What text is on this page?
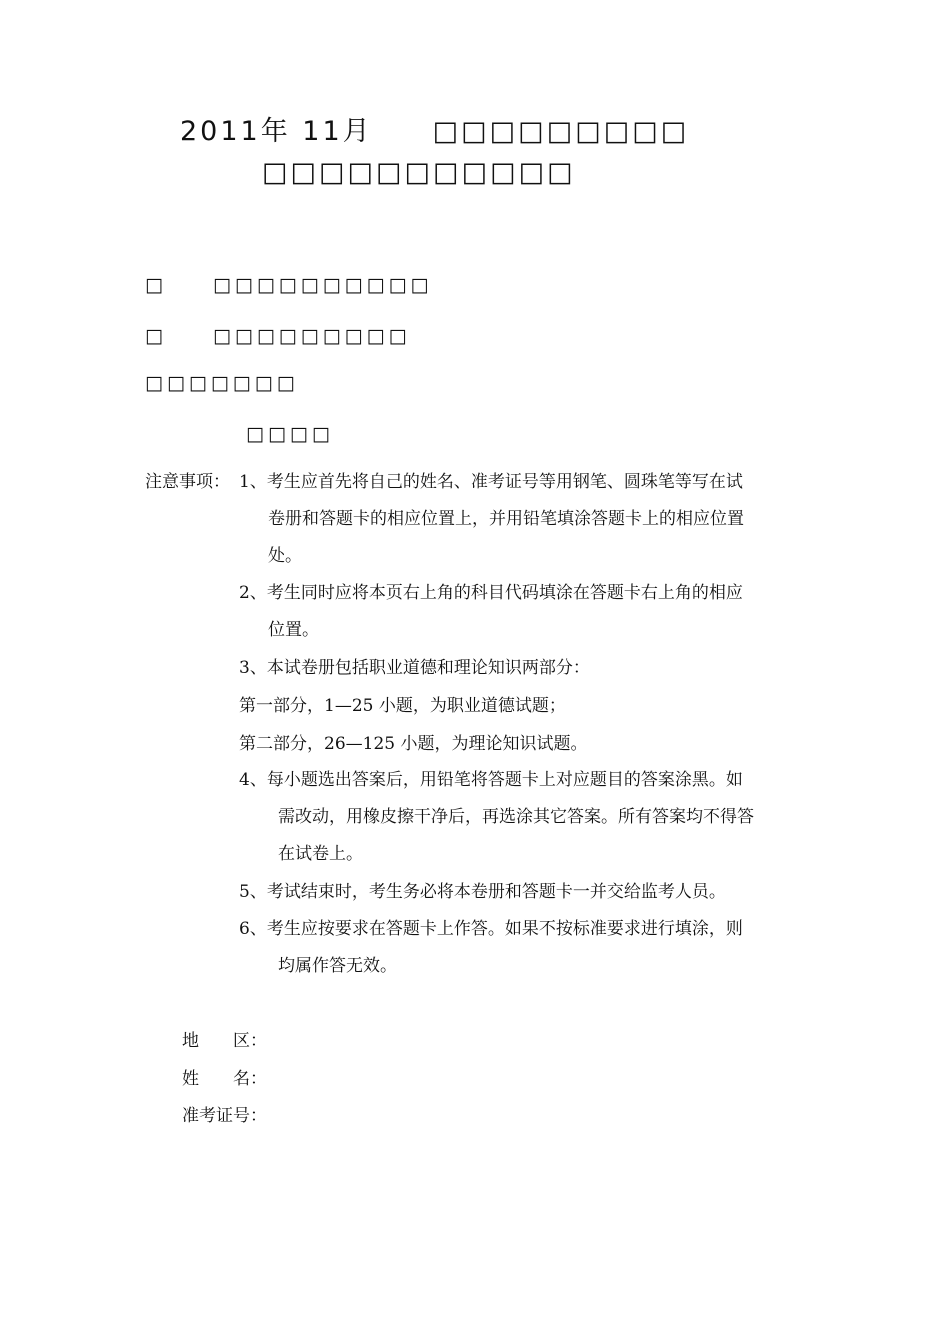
2011年 11月　　□□□□□□□□□
□□□□□□□□□□□
□　　□□□□□□□□□□
□　　□□□□□□□□□
□□□□□□□
□□□□
注意事项： 1、考生应首先将自己的姓名、准考证号等用钢笔、圆珠笔等写在试
卷册和答题卡的相应位置上，并用铅笔填涂答题卡上的相应位置
处。
2、考生同时应将本页右上角的科目代码填涂在答题卡右上角的相应
位置。
3、本试卷册包括职业道德和理论知识两部分：
第一部分，1—25 小题，为职业道德试题；
第二部分，26—125 小题，为理论知识试题。
4、每小题选出答案后，用铅笔将答题卡上对应题目的答案涂黑。如
需改动，用橡皮擦干净后，再选涂其它答案。所有答案均不得答
在试卷上。
5、考试结束时，考生务必将本卷册和答题卡一并交给监考人员。
6、考生应按要求在答题卡上作答。如果不按标准要求进行填涂，则
均属作答无效。
地　　区：
姓　　名：
准考证号：
